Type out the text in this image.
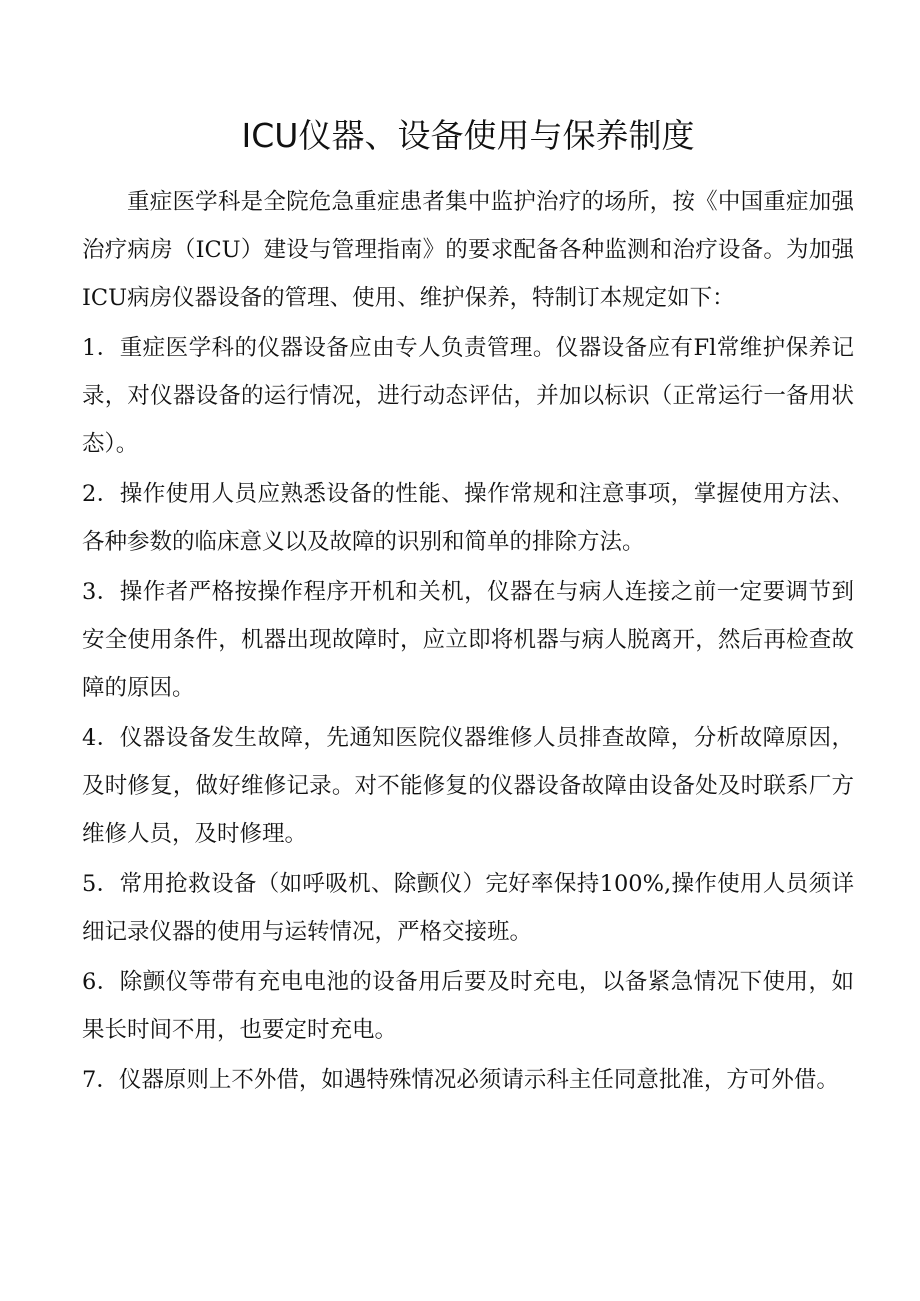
ICU仪器、设备使用与保养制度

重症医学科是全院危急重症患者集中监护治疗的场所，按《中国重症加强治疗病房（ICU）建设与管理指南》的要求配备各种监测和治疗设备。为加强ICU病房仪器设备的管理、使用、维护保养，特制订本规定如下：

1．重症医学科的仪器设备应由专人负责管理。仪器设备应有Fl常维护保养记录，对仪器设备的运行情况，进行动态评估，并加以标识（正常运行一备用状态）。

2．操作使用人员应熟悉设备的性能、操作常规和注意事项，掌握使用方法、各种参数的临床意义以及故障的识别和简单的排除方法。

3．操作者严格按操作程序开机和关机，仪器在与病人连接之前一定要调节到安全使用条件，机器出现故障时，应立即将机器与病人脱离开，然后再检查故障的原因。

4．仪器设备发生故障，先通知医院仪器维修人员排查故障，分析故障原因，及时修复，做好维修记录。对不能修复的仪器设备故障由设备处及时联系厂方维修人员，及时修理。

5．常用抢救设备（如呼吸机、除颤仪）完好率保持100%,操作使用人员须详细记录仪器的使用与运转情况，严格交接班。

6．除颤仪等带有充电电池的设备用后要及时充电，以备紧急情况下使用，如果长时间不用，也要定时充电。

7．仪器原则上不外借，如遇特殊情况必须请示科主任同意批准，方可外借。
